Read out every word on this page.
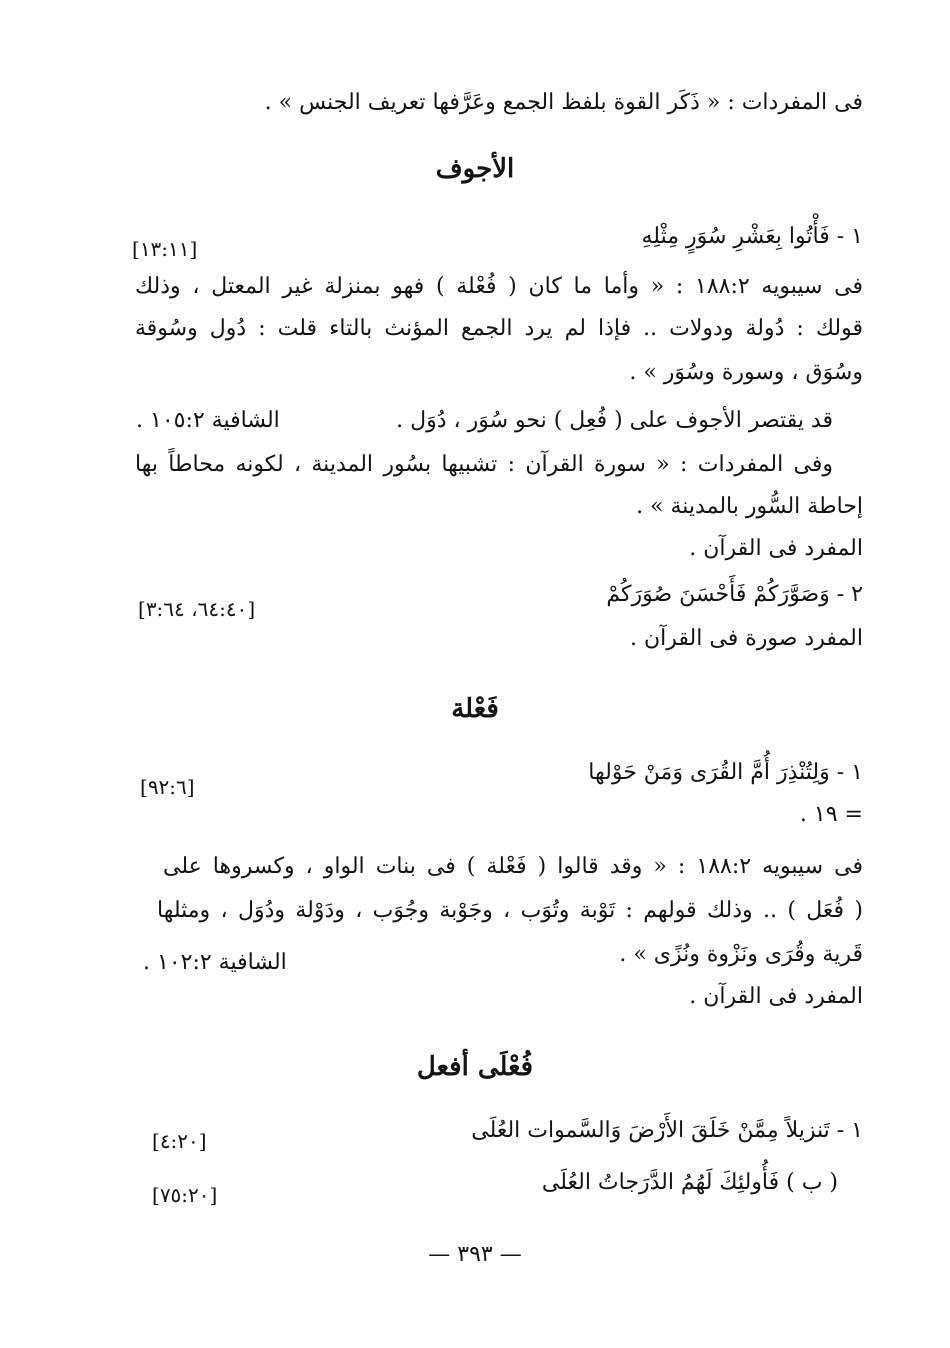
فى المفردات : « ذَكَر القوة بلفظ الجمع وعَرَّفها تعريف الجنس » .
الأجوف
١ - فَأْتُوا بِعَشْرِ سُوَرٍ مِثْلِهِ
[١٣:١١]
فى سيبويه ١٨٨:٢ : « وأما ما كان ( فُعْلة ) فهو بمنزلة غير المعتل ، وذلك
قولك : دُولة ودولات .. فإذا لم يرد الجمع المؤنث بالتاء قلت : دُول وسُوقة
وسُوَق ، وسورة وسُوَر » .
قد يقتصر الأجوف على ( فُعِل ) نحو سُوَر ، دُوَل .
الشافية ١٠٥:٢ .
وفى المفردات : « سورة القرآن : تشبيها بسُور المدينة ، لكونه محاطاً بها
إحاطة السُّور بالمدينة » .
المفرد فى القرآن .
٢ - وَصَوَّرَكُمْ فَأَحْسَنَ صُوَرَكُمْ
[٦٤:٤٠، ٣:٦٤]
المفرد صورة فى القرآن .
فَعْلة
١ - وَلِتُنْذِرَ أُمَّ القُرَى وَمَنْ حَوْلها
[٩٢:٦]
= ١٩ .
فى سيبويه ١٨٨:٢ : « وقد قالوا ( فَعْلة ) فى بنات الواو ، وكسروها على
( فُعَل ) .. وذلك قولهم : تَوْبة وتُوَب ، وجَوْبة وجُوَب ، ودَوْلة ودُوَل ، ومثلها
قَرية وقُرَى ونَزْوة ونُزًى » .
الشافية ١٠٢:٢ .
المفرد فى القرآن .
فُعْلَى أفعل
١ - تَنزيلاً مِمَّنْ خَلَقَ الأَرْضَ وَالسَّموات العُلَى
[٤:٢٠]
( ب ) فَأُولئِكَ لَهُمُ الدَّرَجاتُ العُلَى
[٧٥:٢٠]
— ٣٩٣ —
